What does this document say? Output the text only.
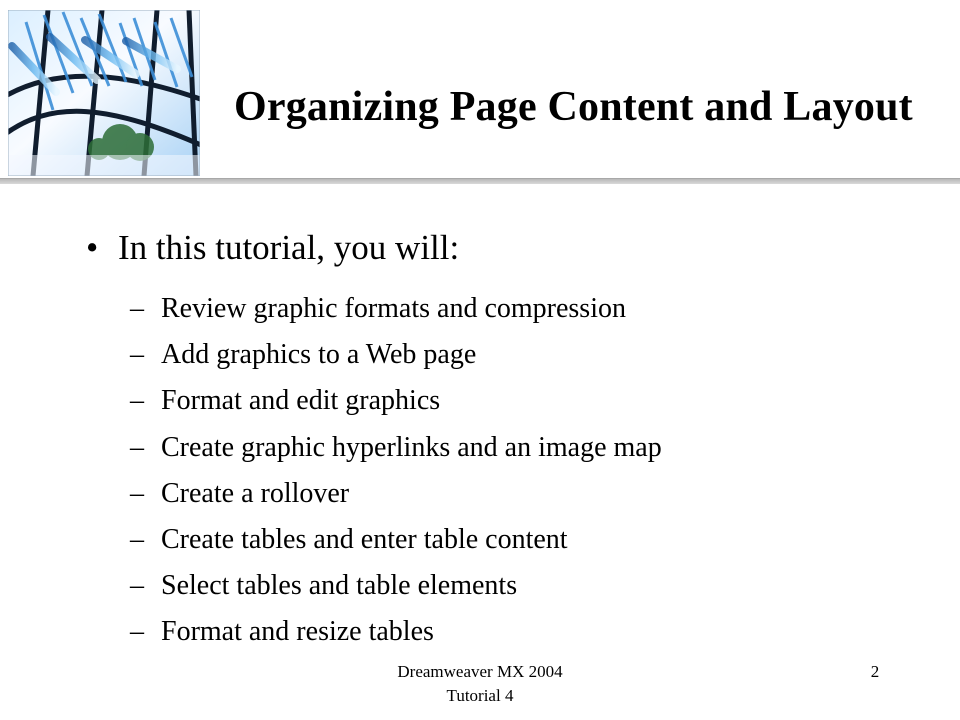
Organizing Page Content and Layout
• In this tutorial, you will:
– Review graphic formats and compression
– Add graphics to a Web page
– Format and edit graphics
– Create graphic hyperlinks and an image map
– Create a rollover
– Create tables and enter table content
– Select tables and table elements
– Format and resize tables
Dreamweaver MX 2004
Tutorial 4
2
